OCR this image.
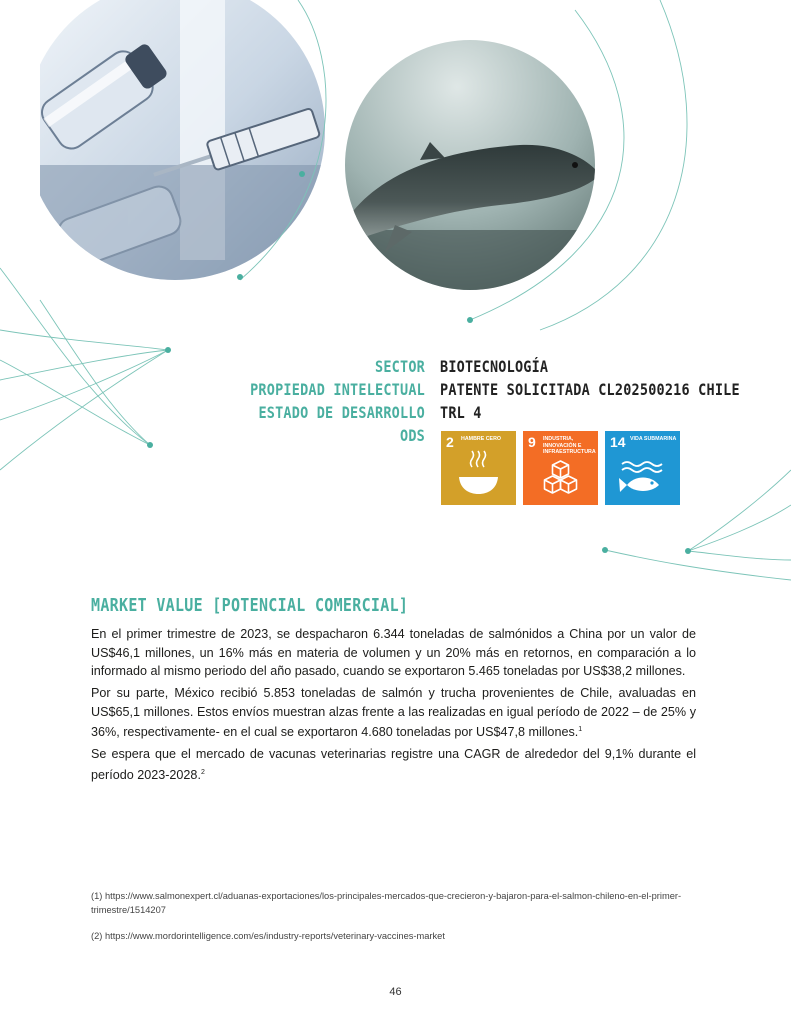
SECTOR BIOTECNOLOGÍA
PROPIEDAD INTELECTUAL PATENTE SOLICITADA CL202500216 CHILE
ESTADO DE DESARROLLO TRL 4
ODS 2 HAMBRE CERO	9 INDUSTRIA, INNOVACIÓN E INFRAESTRUCTURA
14 VIDA SUBMARINA
MARKET VALUE [POTENCIAL COMERCIAL]

En el primer trimestre de 2023, se despacharon 6.344 toneladas de salmónidos a China por un valor de US$46,1 millones, un 16% más en materia de volumen y un 20% más en retornos, en comparación a lo informado al mismo periodo del año pasado, cuando se exportaron 5.465 toneladas por US$38,2 millones.

Por su parte, México recibió 5.853 toneladas de salmón y trucha provenientes de Chile, avaluadas en US$65,1 millones. Estos envíos muestran alzas frente a las realizadas en igual período de 2022 – de 25% y 36%, respectivamente- en el cual se exportaron 4.680 toneladas por US$47,8 millones.$^1$

Se espera que el mercado de vacunas veterinarias registre una CAGR de alrededor del 9,1% durante el período 2023-2028.$^2$

(1) https://www.salmonexpert.cl/aduanas-exportaciones/los-principales-mercados-que-crecieron-y-bajaron-para-el-salmon-chileno-en-el-primer-trimestre/1514207
(2) https://www.mordorintelligence.com/es/industry-reports/veterinary-vaccines-market
46
